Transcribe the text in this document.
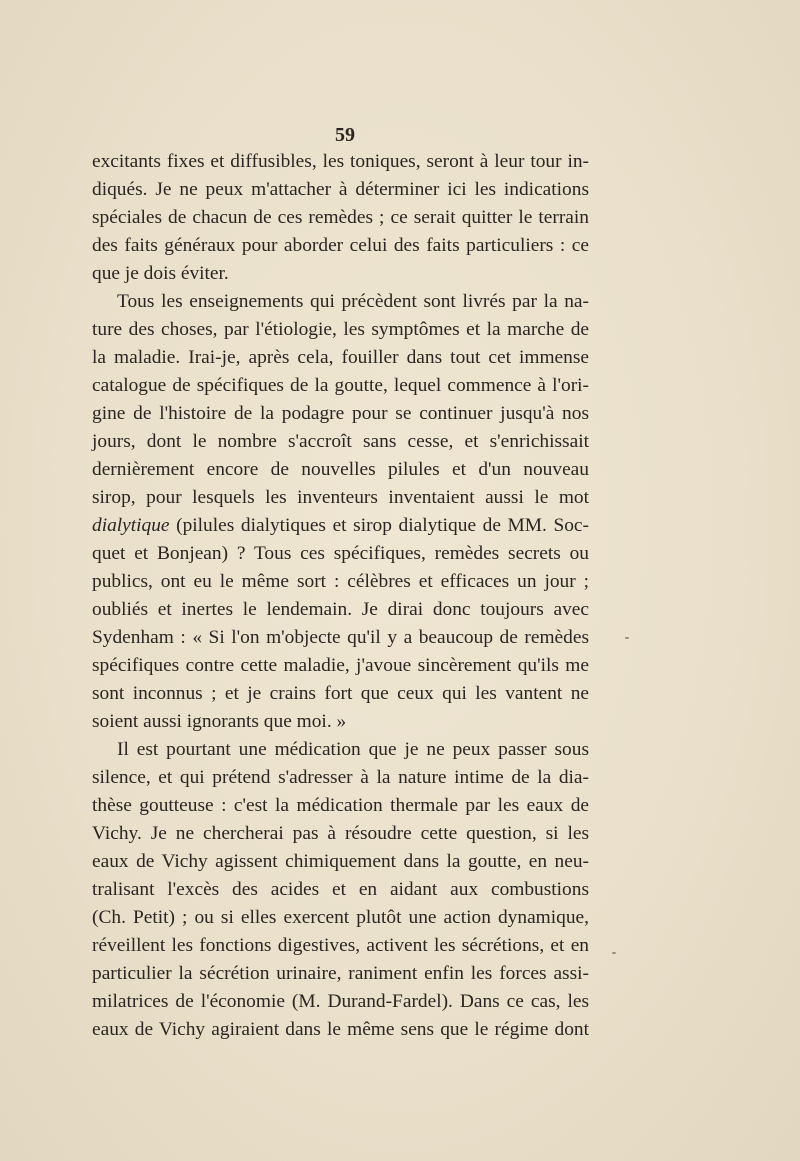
59
excitants fixes et diffusibles, les toniques, seront à leur tour in-
diqués. Je ne peux m'attacher à déterminer ici les indications
spéciales de chacun de ces remèdes ; ce serait quitter le terrain
des faits généraux pour aborder celui des faits particuliers : ce
que je dois éviter.
Tous les enseignements qui précèdent sont livrés par la na-
ture des choses, par l'étiologie, les symptômes et la marche de
la maladie. Irai-je, après cela, fouiller dans tout cet immense
catalogue de spécifiques de la goutte, lequel commence à l'ori-
gine de l'histoire de la podagre pour se continuer jusqu'à nos
jours, dont le nombre s'accroît sans cesse, et s'enrichissait
dernièrement encore de nouvelles pilules et d'un nouveau
sirop, pour lesquels les inventeurs inventaient aussi le mot
dialytique (pilules dialytiques et sirop dialytique de MM. Soc-
quet et Bonjean) ? Tous ces spécifiques, remèdes secrets ou
publics, ont eu le même sort : célèbres et efficaces un jour ;
oubliés et inertes le lendemain. Je dirai donc toujours avec
Sydenham : « Si l'on m'objecte qu'il y a beaucoup de remèdes
spécifiques contre cette maladie, j'avoue sincèrement qu'ils me
sont inconnus ; et je crains fort que ceux qui les vantent ne
soient aussi ignorants que moi. »
Il est pourtant une médication que je ne peux passer sous
silence, et qui prétend s'adresser à la nature intime de la dia-
thèse goutteuse : c'est la médication thermale par les eaux de
Vichy. Je ne chercherai pas à résoudre cette question, si les
eaux de Vichy agissent chimiquement dans la goutte, en neu-
tralisant l'excès des acides et en aidant aux combustions
(Ch. Petit) ; ou si elles exercent plutôt une action dynamique,
réveillent les fonctions digestives, activent les sécrétions, et en
particulier la sécrétion urinaire, raniment enfin les forces assi-
milatrices de l'économie (M. Durand-Fardel). Dans ce cas, les
eaux de Vichy agiraient dans le même sens que le régime dont
